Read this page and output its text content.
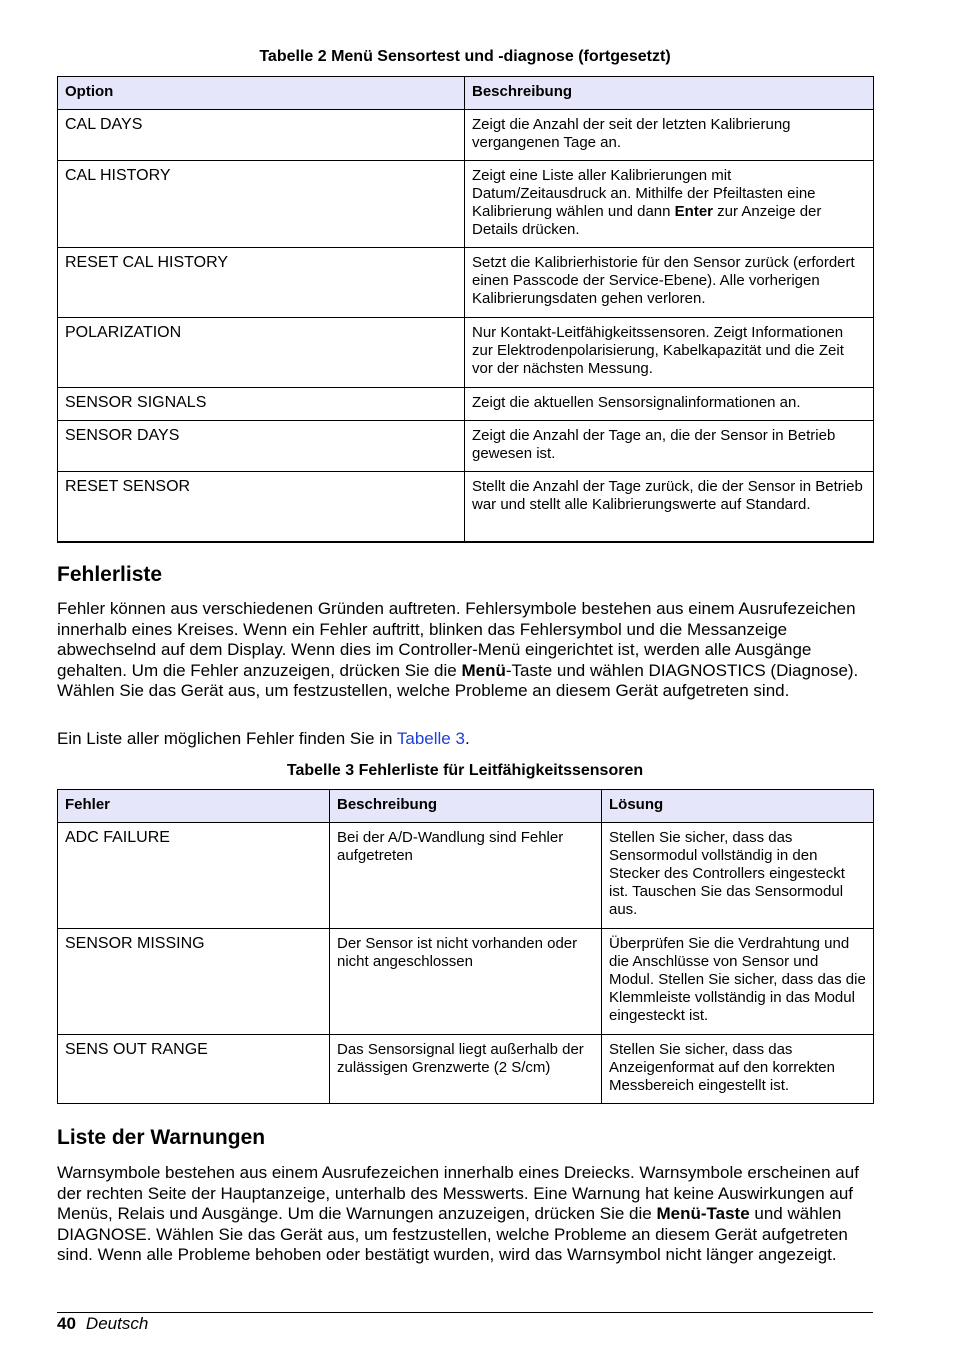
Tabelle 2 Menü Sensortest und -diagnose (fortgesetzt)
Option	Beschreibung
CAL DAYS	Zeigt die Anzahl der seit der letzten Kalibrierung vergangenen Tage an.
CAL HISTORY	Zeigt eine Liste aller Kalibrierungen mit Datum/Zeitausdruck an. Mithilfe der Pfeiltasten eine Kalibrierung wählen und dann Enter zur Anzeige der Details drücken.
RESET CAL HISTORY	Setzt die Kalibrierhistorie für den Sensor zurück (erfordert einen Passcode der Service-Ebene). Alle vorherigen Kalibrierungsdaten gehen verloren.
POLARIZATION	Nur Kontakt-Leitfähigkeitssensoren. Zeigt Informationen zur Elektrodenpolarisierung, Kabelkapazität und die Zeit vor der nächsten Messung.
SENSOR SIGNALS	Zeigt die aktuellen Sensorsignalinformationen an.
SENSOR DAYS	Zeigt die Anzahl der Tage an, die der Sensor in Betrieb gewesen ist.
RESET SENSOR	Stellt die Anzahl der Tage zurück, die der Sensor in Betrieb war und stellt alle Kalibrierungswerte auf Standard.
Fehlerliste

Fehler können aus verschiedenen Gründen auftreten. Fehlersymbole bestehen aus einem Ausrufezeichen innerhalb eines Kreises. Wenn ein Fehler auftritt, blinken das Fehlersymbol und die Messanzeige abwechselnd auf dem Display. Wenn dies im Controller-Menü eingerichtet ist, werden alle Ausgänge gehalten. Um die Fehler anzuzeigen, drücken Sie die Menü-Taste und wählen DIAGNOSTICS (Diagnose). Wählen Sie das Gerät aus, um festzustellen, welche Probleme an diesem Gerät aufgetreten sind.

Ein Liste aller möglichen Fehler finden Sie in Tabelle 3.

Tabelle 3 Fehlerliste für Leitfähigkeitssensoren
Fehler	Beschreibung	Lösung
ADC FAILURE	Bei der A/D-Wandlung sind Fehler aufgetreten	Stellen Sie sicher, dass das Sensormodul vollständig in den Stecker des Controllers eingesteckt ist. Tauschen Sie das Sensormodul aus.
SENSOR MISSING	Der Sensor ist nicht vorhanden oder nicht angeschlossen	Überprüfen Sie die Verdrahtung und die Anschlüsse von Sensor und Modul. Stellen Sie sicher, dass das die Klemmleiste vollständig in das Modul eingesteckt ist.
SENS OUT RANGE	Das Sensorsignal liegt außerhalb der zulässigen Grenzwerte (2 S/cm)	Stellen Sie sicher, dass das Anzeigenformat auf den korrekten Messbereich eingestellt ist.
Liste der Warnungen

Warnsymbole bestehen aus einem Ausrufezeichen innerhalb eines Dreiecks. Warnsymbole erscheinen auf der rechten Seite der Hauptanzeige, unterhalb des Messwerts. Eine Warnung hat keine Auswirkungen auf Menüs, Relais und Ausgänge. Um die Warnungen anzuzeigen, drücken Sie die Menü-Taste und wählen DIAGNOSE. Wählen Sie das Gerät aus, um festzustellen, welche Probleme an diesem Gerät aufgetreten sind. Wenn alle Probleme behoben oder bestätigt wurden, wird das Warnsymbol nicht länger angezeigt.

40 Deutsch
